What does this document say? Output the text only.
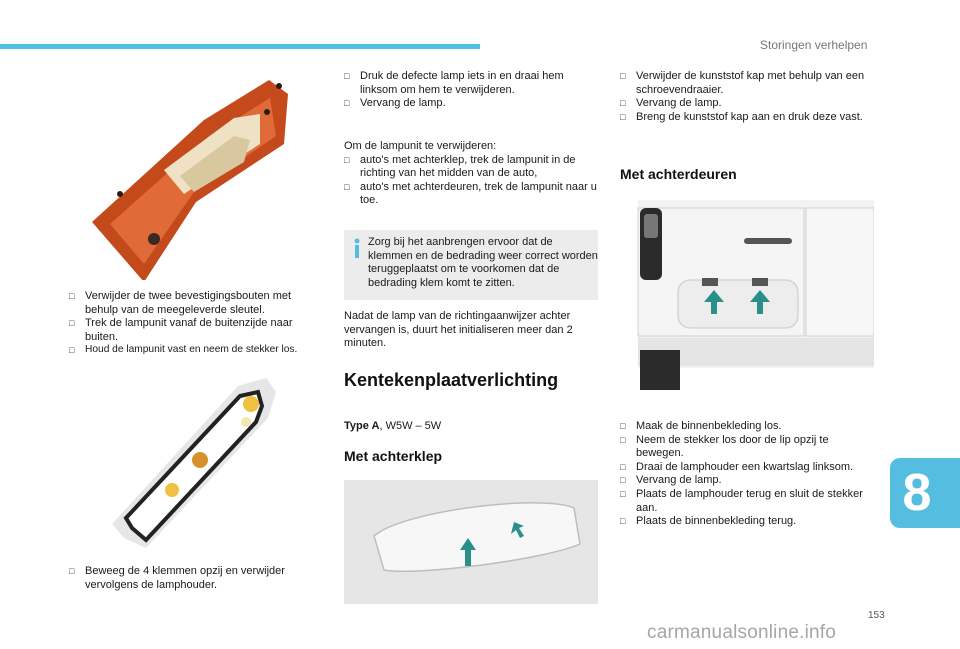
Storingen verhelpen
8
□ Verwijder de twee bevestigingsbouten met behulp van de meegeleverde sleutel.
□ Trek de lampunit vanaf de buitenzijde naar buiten.
□ Houd de lampunit vast en neem de stekker los.
□ Beweeg de 4 klemmen opzij en verwijder vervolgens de lamphouder.
□ Druk de defecte lamp iets in en draai hem linksom om hem te verwijderen.
□ Vervang de lamp.
Om de lampunit te verwijderen:
□ auto's met achterklep, trek de lampunit in de richting van het midden van de auto,
□ auto's met achterdeuren, trek de lampunit naar u toe.
Zorg bij het aanbrengen ervoor dat de klemmen en de bedrading weer correct worden teruggeplaatst om te voorkomen dat de bedrading klem komt te zitten.
Nadat de lamp van de richtingaanwijzer achter vervangen is, duurt het initialiseren meer dan 2 minuten.
Kentekenplaatverlichting
Type A, W5W – 5W
Met achterklep
□ Verwijder de kunststof kap met behulp van een schroevendraaier.
□ Vervang de lamp.
□ Breng de kunststof kap aan en druk deze vast.
Met achterdeuren
□ Maak de binnenbekleding los.
□ Neem de stekker los door de lip opzij te bewegen.
□ Draai de lamphouder een kwartslag linksom.
□ Vervang de lamp.
□ Plaats de lamphouder terug en sluit de stekker aan.
□ Plaats de binnenbekleding terug.
153
carmanualsonline.info
